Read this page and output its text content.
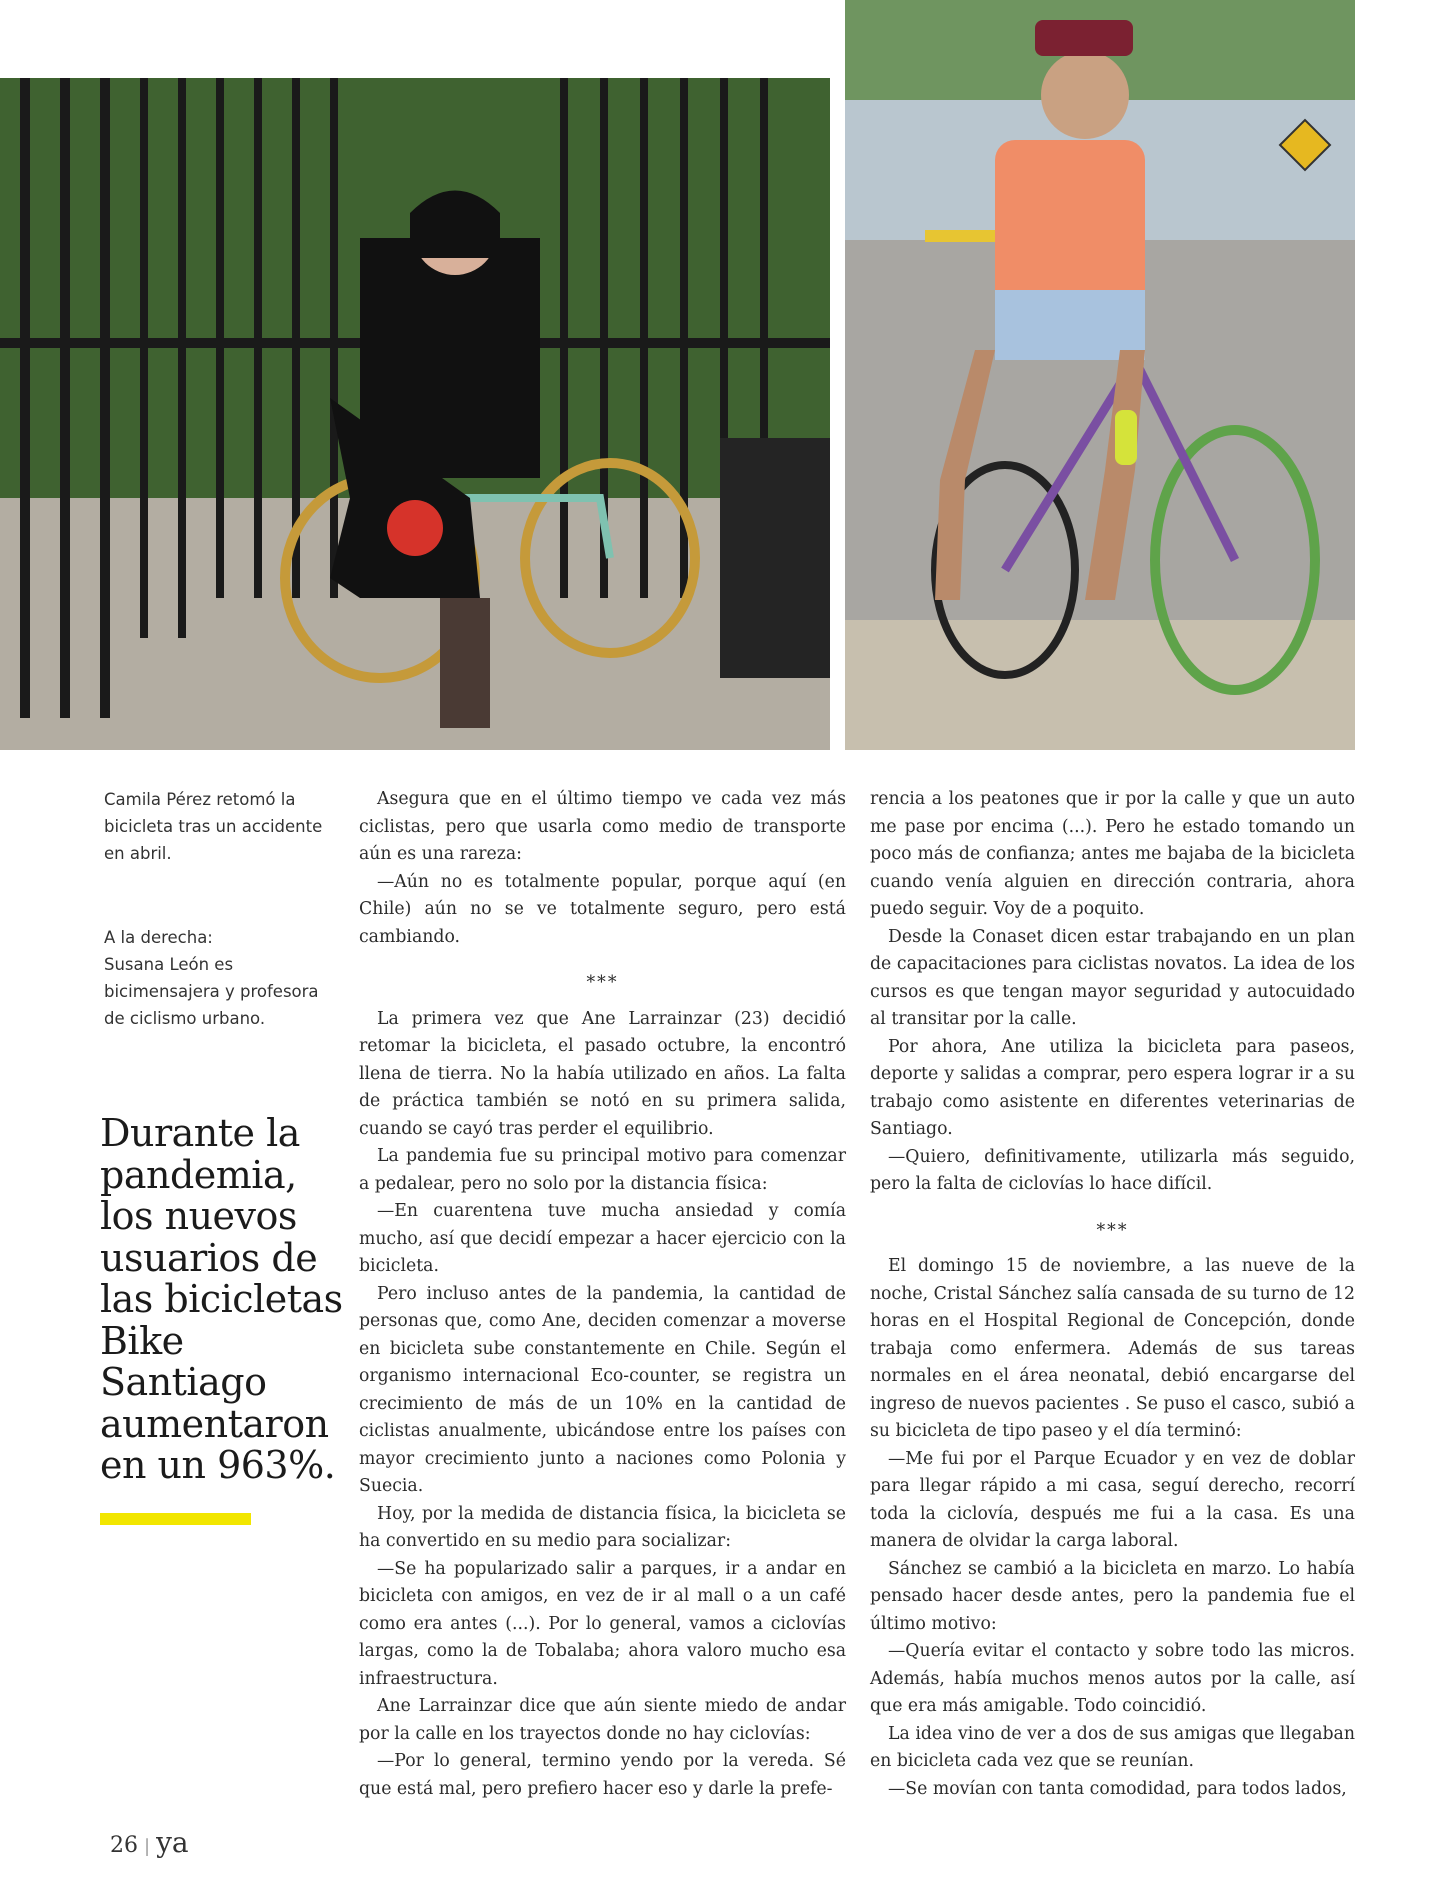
Camila Pérez retomó la bicicleta tras un accidente en abril.
A la derecha:
Susana León es bicimensajera y profesora de ciclismo urbano.
Durante la pandemia, los nuevos usuarios de las bicicletas Bike Santiago aumentaron en un 963%.

Asegura que en el último tiempo ve cada vez más ciclistas, pero que usarla como medio de transporte aún es una rareza:

—Aún no es totalmente popular, porque aquí (en Chile) aún no se ve totalmente seguro, pero está cambiando.

***

La primera vez que Ane Larrainzar (23) decidió retomar la bicicleta, el pasado octubre, la encontró llena de tierra. No la había utilizado en años. La falta de práctica también se notó en su primera salida, cuando se cayó tras perder el equilibrio.

La pandemia fue su principal motivo para comenzar a pedalear, pero no solo por la distancia física:

—En cuarentena tuve mucha ansiedad y comía mucho, así que decidí empezar a hacer ejercicio con la bicicleta.

Pero incluso antes de la pandemia, la cantidad de personas que, como Ane, deciden comenzar a moverse en bicicleta sube constantemente en Chile. Según el organismo internacional Eco-counter, se registra un crecimiento de más de un 10% en la cantidad de ciclistas anualmente, ubicándose entre los países con mayor crecimiento junto a naciones como Polonia y Suecia.

Hoy, por la medida de distancia física, la bicicleta se ha convertido en su medio para socializar:

—Se ha popularizado salir a parques, ir a andar en bicicleta con amigos, en vez de ir al mall o a un café como era antes (...). Por lo general, vamos a ciclovías largas, como la de Tobalaba; ahora valoro mucho esa infraestructura.

Ane Larrainzar dice que aún siente miedo de andar por la calle en los trayectos donde no hay ciclovías:

—Por lo general, termino yendo por la vereda. Sé que está mal, pero prefiero hacer eso y darle la prefe-

rencia a los peatones que ir por la calle y que un auto me pase por encima (...). Pero he estado tomando un poco más de confianza; antes me bajaba de la bicicleta cuando venía alguien en dirección contraria, ahora puedo seguir. Voy de a poquito.

Desde la Conaset dicen estar trabajando en un plan de capacitaciones para ciclistas novatos. La idea de los cursos es que tengan mayor seguridad y autocuidado al transitar por la calle.

Por ahora, Ane utiliza la bicicleta para paseos, deporte y salidas a comprar, pero espera lograr ir a su trabajo como asistente en diferentes veterinarias de Santiago.

—Quiero, definitivamente, utilizarla más seguido, pero la falta de ciclovías lo hace difícil.

***

El domingo 15 de noviembre, a las nueve de la noche, Cristal Sánchez salía cansada de su turno de 12 horas en el Hospital Regional de Concepción, donde trabaja como enfermera. Además de sus tareas normales en el área neonatal, debió encargarse del ingreso de nuevos pacientes . Se puso el casco, subió a su bicicleta de tipo paseo y el día terminó:

—Me fui por el Parque Ecuador y en vez de doblar para llegar rápido a mi casa, seguí derecho, recorrí toda la ciclovía, después me fui a la casa. Es una manera de olvidar la carga laboral.

Sánchez se cambió a la bicicleta en marzo. Lo había pensado hacer desde antes, pero la pandemia fue el último motivo:

—Quería evitar el contacto y sobre todo las micros. Además, había muchos menos autos por la calle, así que era más amigable. Todo coincidió.

La idea vino de ver a dos de sus amigas que llegaban en bicicleta cada vez que se reunían.

—Se movían con tanta comodidad, para todos lados,

26 | ya
